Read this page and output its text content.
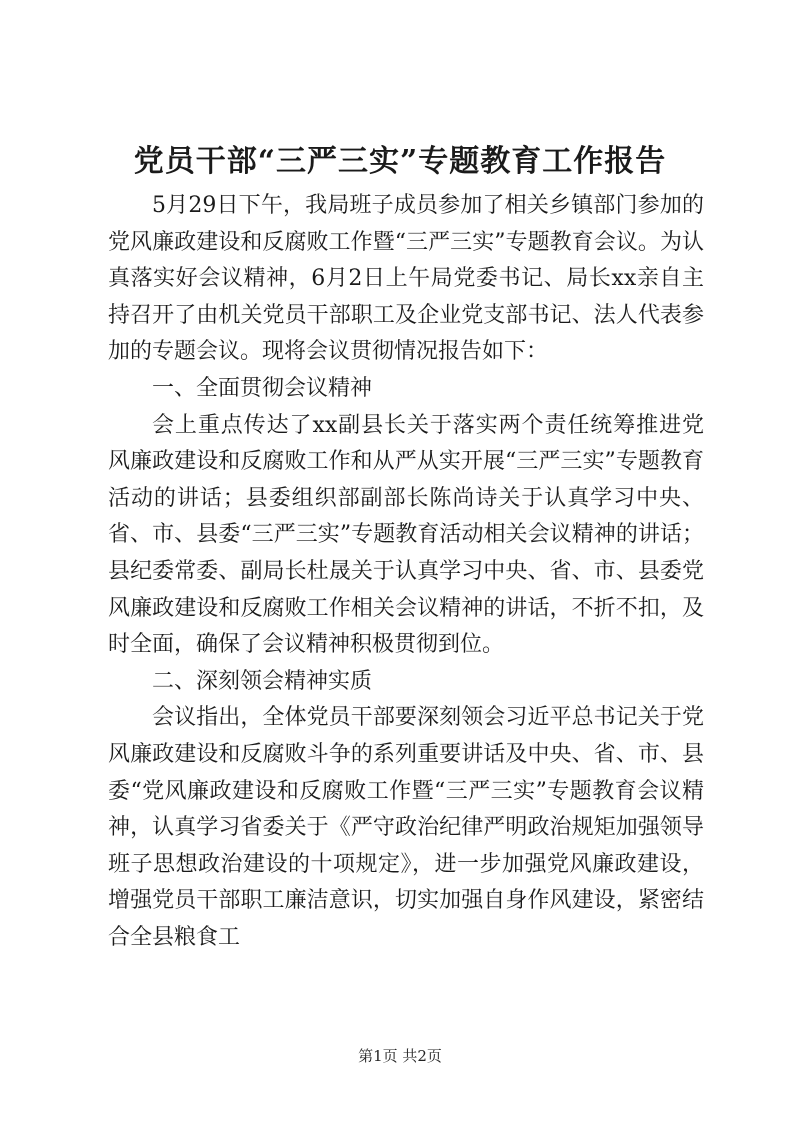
党员干部“三严三实”专题教育工作报告

5月29日下午，我局班子成员参加了相关乡镇部门参加的党风廉政建设和反腐败工作暨“三严三实”专题教育会议。为认真落实好会议精神，6月2日上午局党委书记、局长xx亲自主持召开了由机关党员干部职工及企业党支部书记、法人代表参加的专题会议。现将会议贯彻情况报告如下：

一、全面贯彻会议精神

会上重点传达了xx副县长关于落实两个责任统筹推进党风廉政建设和反腐败工作和从严从实开展“三严三实”专题教育活动的讲话；县委组织部副部长陈尚诗关于认真学习中央、省、市、县委“三严三实”专题教育活动相关会议精神的讲话；县纪委常委、副局长杜晟关于认真学习中央、省、市、县委党风廉政建设和反腐败工作相关会议精神的讲话，不折不扣，及时全面，确保了会议精神积极贯彻到位。

二、深刻领会精神实质

会议指出，全体党员干部要深刻领会习近平总书记关于党风廉政建设和反腐败斗争的系列重要讲话及中央、省、市、县委“党风廉政建设和反腐败工作暨“三严三实”专题教育会议精神，认真学习省委关于《严守政治纪律严明政治规矩加强领导班子思想政治建设的十项规定》，进一步加强党风廉政建设，增强党员干部职工廉洁意识，切实加强自身作风建设，紧密结合全县粮食工

第1页 共2页
